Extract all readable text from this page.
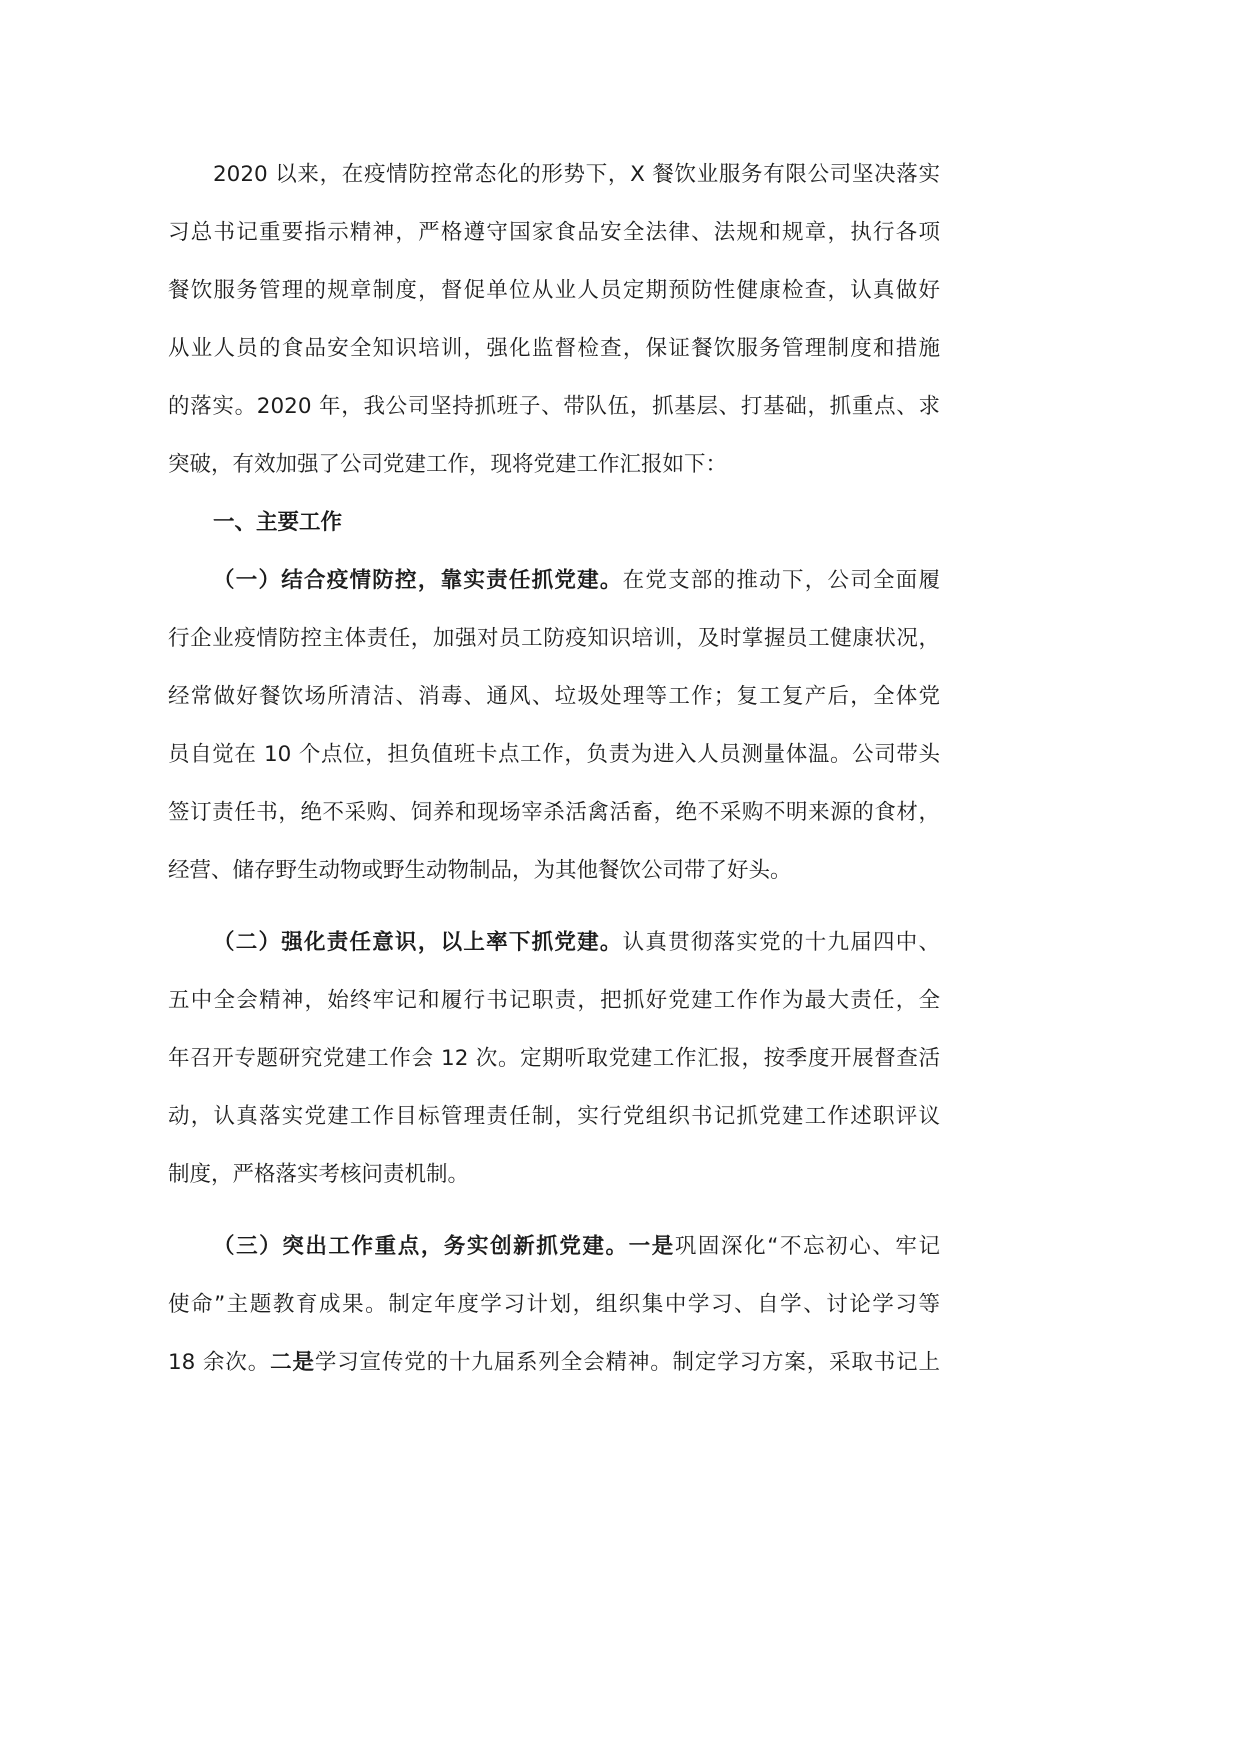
2020 以来，在疫情防控常态化的形势下，X 餐饮业服务有限公司坚决落实
习总书记重要指示精神，严格遵守国家食品安全法律、法规和规章，执行各项
餐饮服务管理的规章制度，督促单位从业人员定期预防性健康检查，认真做好
从业人员的食品安全知识培训，强化监督检查，保证餐饮服务管理制度和措施
的落实。2020 年，我公司坚持抓班子、带队伍，抓基层、打基础，抓重点、求
突破，有效加强了公司党建工作，现将党建工作汇报如下：
一、主要工作
（一）结合疫情防控，靠实责任抓党建。在党支部的推动下，公司全面履
行企业疫情防控主体责任，加强对员工防疫知识培训，及时掌握员工健康状况，
经常做好餐饮场所清洁、消毒、通风、垃圾处理等工作；复工复产后，全体党
员自觉在 10 个点位，担负值班卡点工作，负责为进入人员测量体温。公司带头
签订责任书，绝不采购、饲养和现场宰杀活禽活畜，绝不采购不明来源的食材，
经营、储存野生动物或野生动物制品，为其他餐饮公司带了好头。
（二）强化责任意识，以上率下抓党建。认真贯彻落实党的十九届四中、
五中全会精神，始终牢记和履行书记职责，把抓好党建工作作为最大责任，全
年召开专题研究党建工作会 12 次。定期听取党建工作汇报，按季度开展督查活
动，认真落实党建工作目标管理责任制，实行党组织书记抓党建工作述职评议
制度，严格落实考核问责机制。
（三）突出工作重点，务实创新抓党建。一是巩固深化“不忘初心、牢记
使命”主题教育成果。制定年度学习计划，组织集中学习、自学、讨论学习等
18 余次。二是学习宣传党的十九届系列全会精神。制定学习方案，采取书记上
